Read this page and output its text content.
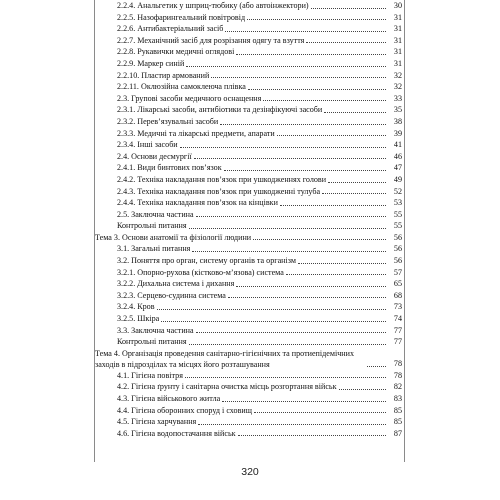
2.2.4. Анальгетик у шприц-тюбику (або автоінжектори)	30
2.2.5. Назофарингеальний повітровід	31
2.2.6. Антибактеріальний засіб	31
2.2.7. Механічний засіб для розрізання одягу та взуття	31
2.2.8. Рукавички медичні оглядові	31
2.2.9. Маркер синій	31
2.2.10. Пластир армований	32
2.2.11. Оклюзійна самоклеюча плівка	32
2.3. Групові засоби медичного оснащення	33
2.3.1. Лікарські засоби, антибіотики та дезінфікуючі засоби	35
2.3.2. Перев’язувальні засоби	38
2.3.3. Медичні та лікарські предмети, апарати	39
2.3.4. Інші засоби	41
2.4. Основи десмургії	46
2.4.1. Види бинтових пов’язок	47
2.4.2. Техніка накладання пов’язок при ушкодженнях голови	49
2.4.3. Техніка накладання пов’язок при ушкодженні тулуба	52
2.4.4. Техніка накладання пов’язок на кінцівки	53
2.5. Заключна частина	55
Контрольні питання	55
Тема 3. Основи анатомії та фізіології людини	56
3.1. Загальні питання	56
3.2. Поняття про орган, систему органів та організм	56
3.2.1. Опорно-рухова (кістково-м’язова) система	57
3.2.2. Дихальна система і дихання	65
3.2.3. Серцево-судинна система	68
3.2.4. Кров	73
3.2.5. Шкіра	74
3.3. Заключна частина	77
Контрольні питання	77
Тема 4. Організація проведення санітарно-гігієнічних та протиепідемічних заходів в підрозділах та місцях його розташування	78
4.1. Гігієна повітря	78
4.2. Гігієна ґрунту і санітарна очистка місць розгортання військ	82
4.3. Гігієна військового житла	83
4.4. Гігієна оборонних споруд і сховищ	85
4.5. Гігієна харчування	85
4.6. Гігієна водопостачання військ	87
320
